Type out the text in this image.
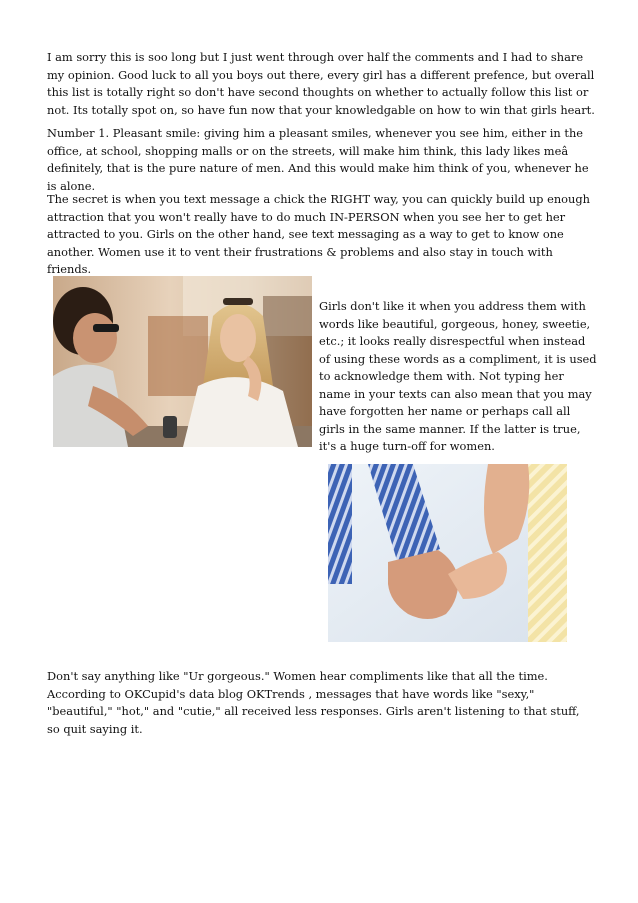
I am sorry this is soo long but I just went through over half the comments and I had to share my opinion. Good luck to all you boys out there, every girl has a different prefence, but overall this list is totally right so don't have second thoughts on whether to actually follow this list or not. Its totally spot on, so have fun now that your knowledgable on how to win that girls heart.

Number 1. Pleasant smile: giving him a pleasant smiles, whenever you see him, either in the office, at school, shopping malls or on the streets, will make him think, this lady likes meâ definitely, that is the pure nature of men. And this would make him think of you, whenever he is alone.

The secret is when you text message a chick the RIGHT way, you can quickly build up enough attraction that you won't really have to do much IN-PERSON when you see her to get her attracted to you. Girls on the other hand, see text messaging as a way to get to know one another. Women use it to vent their frustrations & problems and also stay in touch with friends.

Girls don't like it when you address them with words like beautiful, gorgeous, honey, sweetie, etc.; it looks really disrespectful when instead of using these words as a compliment, it is used to acknowledge them with. Not typing her name in your texts can also mean that you may have forgotten her name or perhaps call all girls in the same manner. If the latter is true, it's a huge turn-off for women.

Don't say anything like "Ur gorgeous." Women hear compliments like that all the time. According to OKCupid's data blog OKTrends , messages that have words like "sexy," "beautiful," "hot," and "cutie," all received less responses. Girls aren't listening to that stuff, so quit saying it.
